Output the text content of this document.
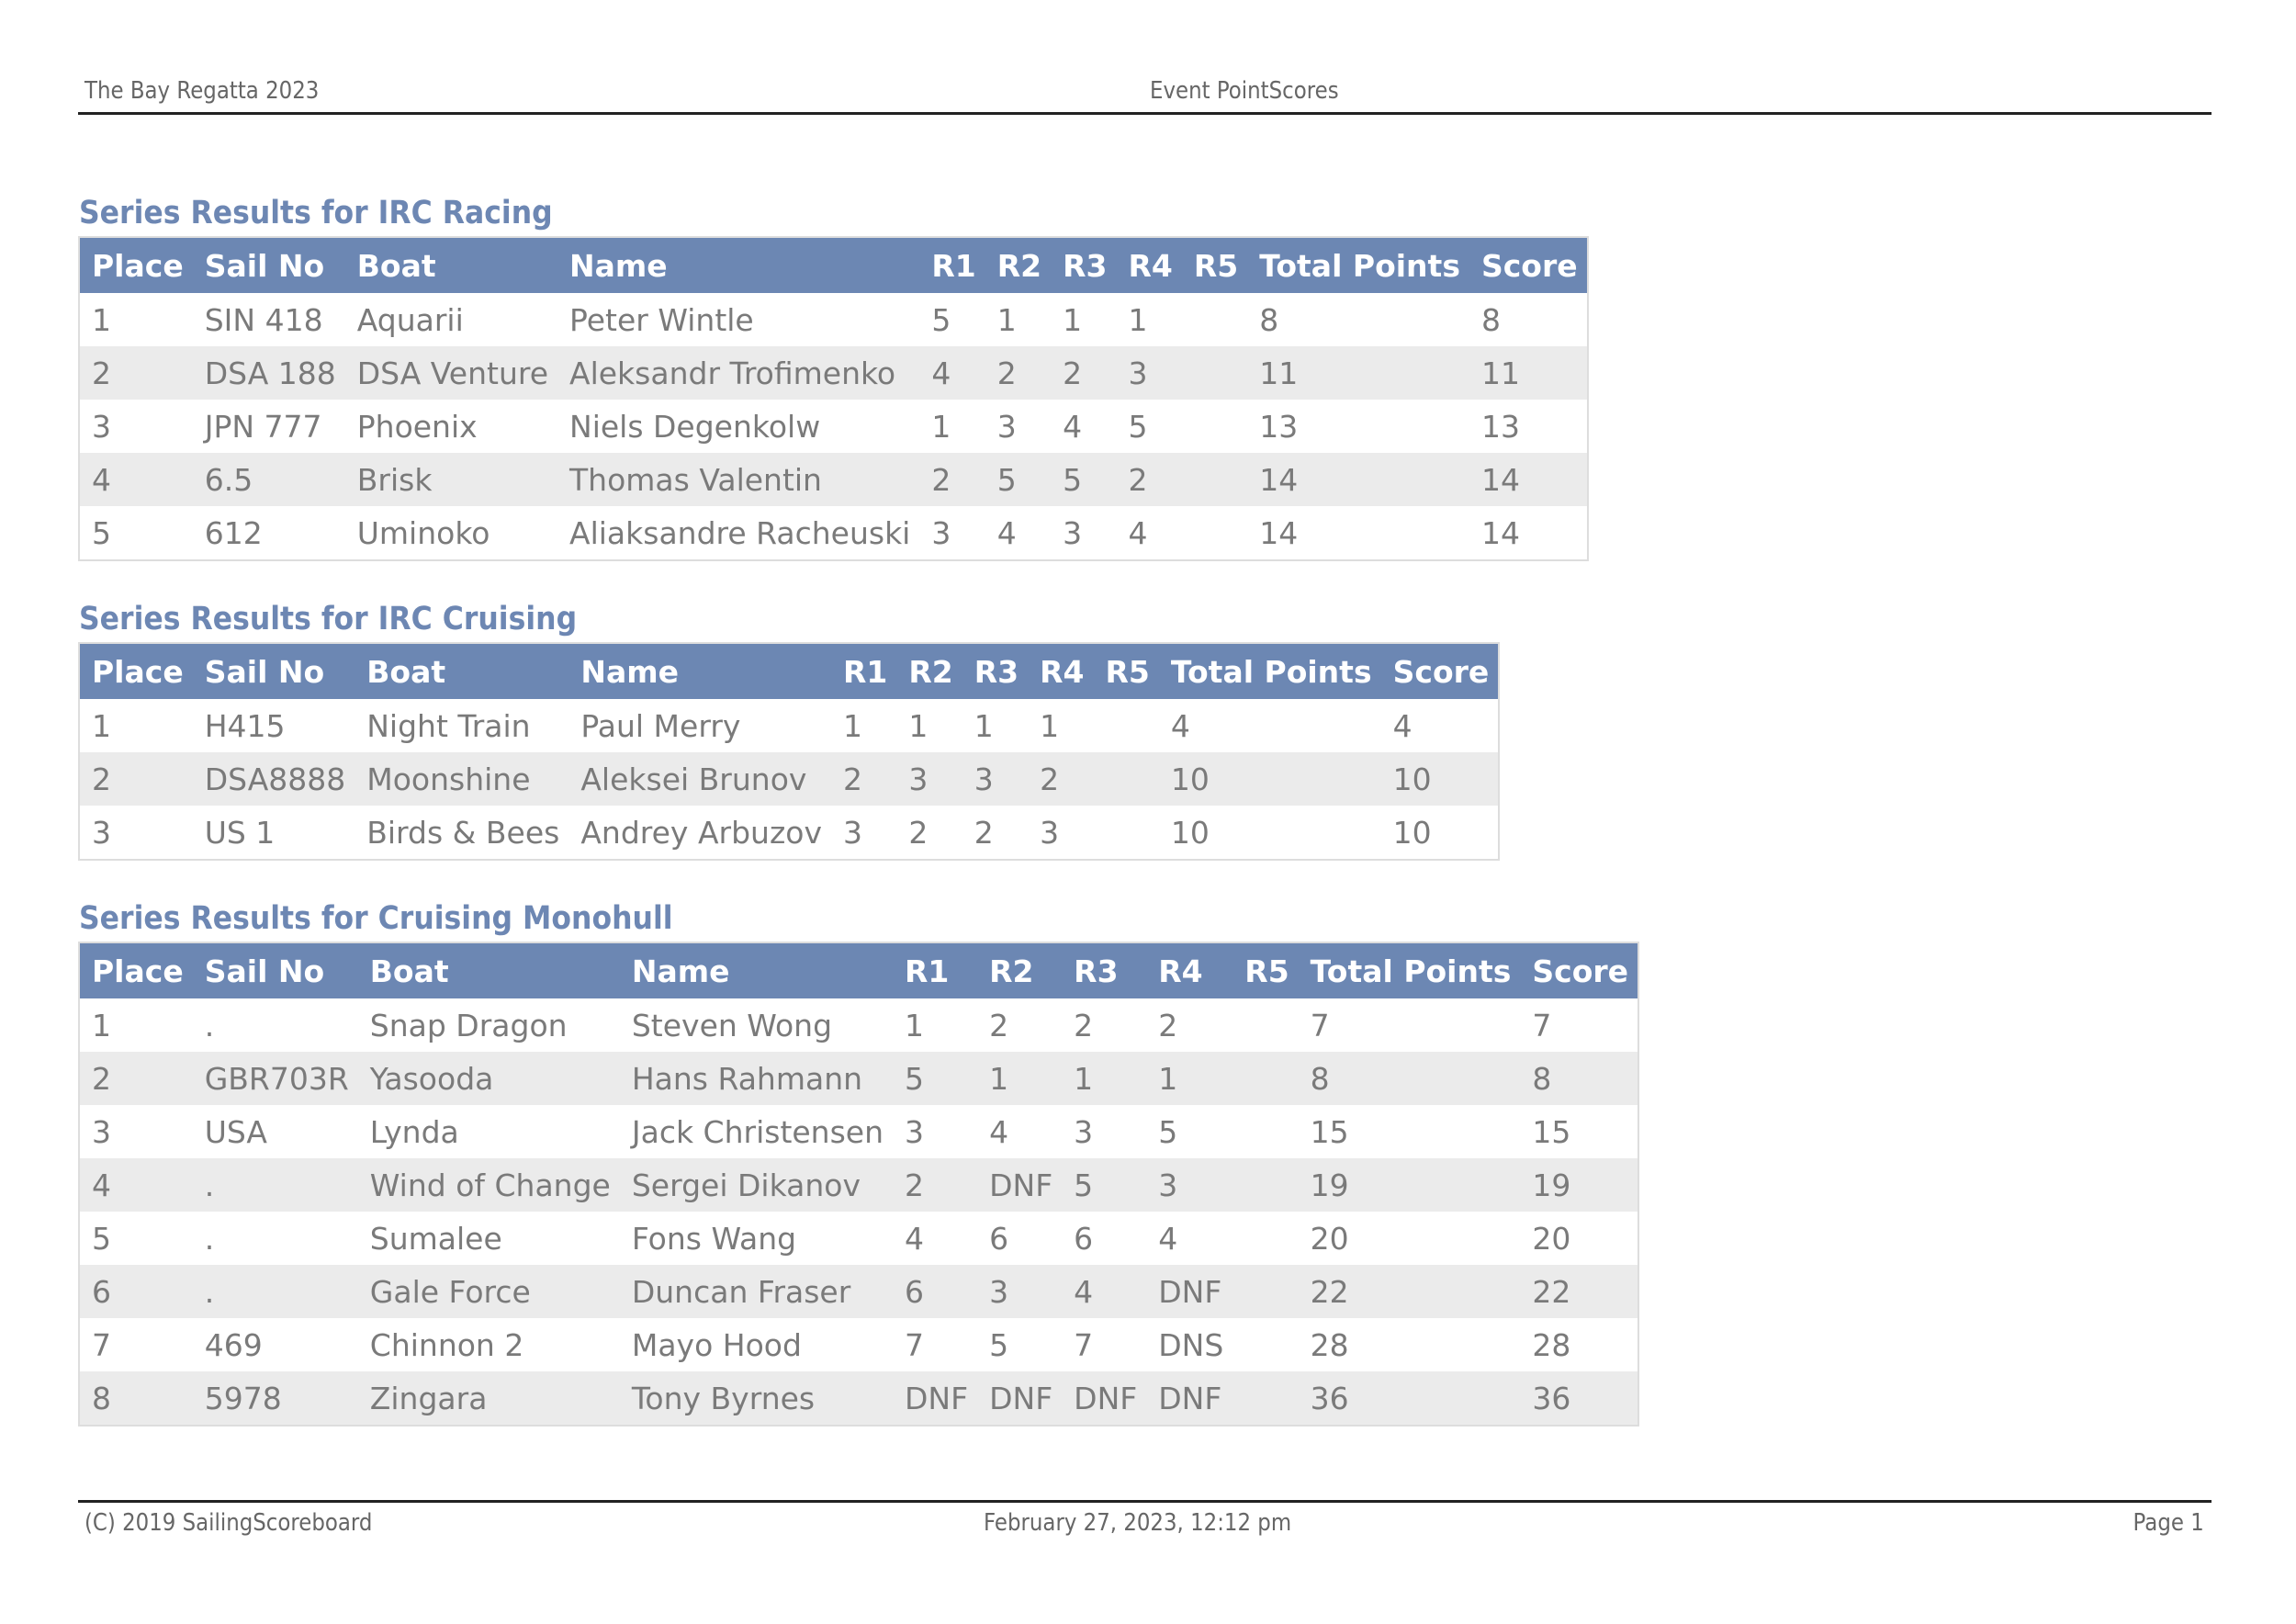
The Bay Regatta 2023	Event PointScores
Series Results for IRC Racing
Place	Sail No	Boat	Name	R1	R2	R3	R4	R5	Total Points	Score
1	SIN 418	Aquarii	Peter Wintle	5	1	1	1		8	8
2	DSA 188	DSA Venture	Aleksandr Trofimenko	4	2	2	3		11	11
3	JPN 777	Phoenix	Niels Degenkolw	1	3	4	5		13	13
4	6.5	Brisk	Thomas Valentin	2	5	5	2		14	14
5	612	Uminoko	Aliaksandre Racheuski	3	4	3	4		14	14
Series Results for IRC Cruising
Place	Sail No	Boat	Name	R1	R2	R3	R4	R5	Total Points	Score
1	H415	Night Train	Paul Merry	1	1	1	1		4	4
2	DSA8888	Moonshine	Aleksei Brunov	2	3	3	2		10	10
3	US 1	Birds & Bees	Andrey Arbuzov	3	2	2	3		10	10
Series Results for Cruising Monohull
Place	Sail No	Boat	Name	R1	R2	R3	R4	R5	Total Points	Score
1	.	Snap Dragon	Steven Wong	1	2	2	2		7	7
2	GBR703R	Yasooda	Hans Rahmann	5	1	1	1		8	8
3	USA	Lynda	Jack Christensen	3	4	3	5		15	15
4	.	Wind of Change	Sergei Dikanov	2	DNF	5	3		19	19
5	.	Sumalee	Fons Wang	4	6	6	4		20	20
6	.	Gale Force	Duncan Fraser	6	3	4	DNF		22	22
7	469	Chinnon 2	Mayo Hood	7	5	7	DNS		28	28
8	5978	Zingara	Tony Byrnes	DNF	DNF	DNF	DNF		36	36
(C) 2019 SailingScoreboard	February 27, 2023, 12:12 pm	Page 1
